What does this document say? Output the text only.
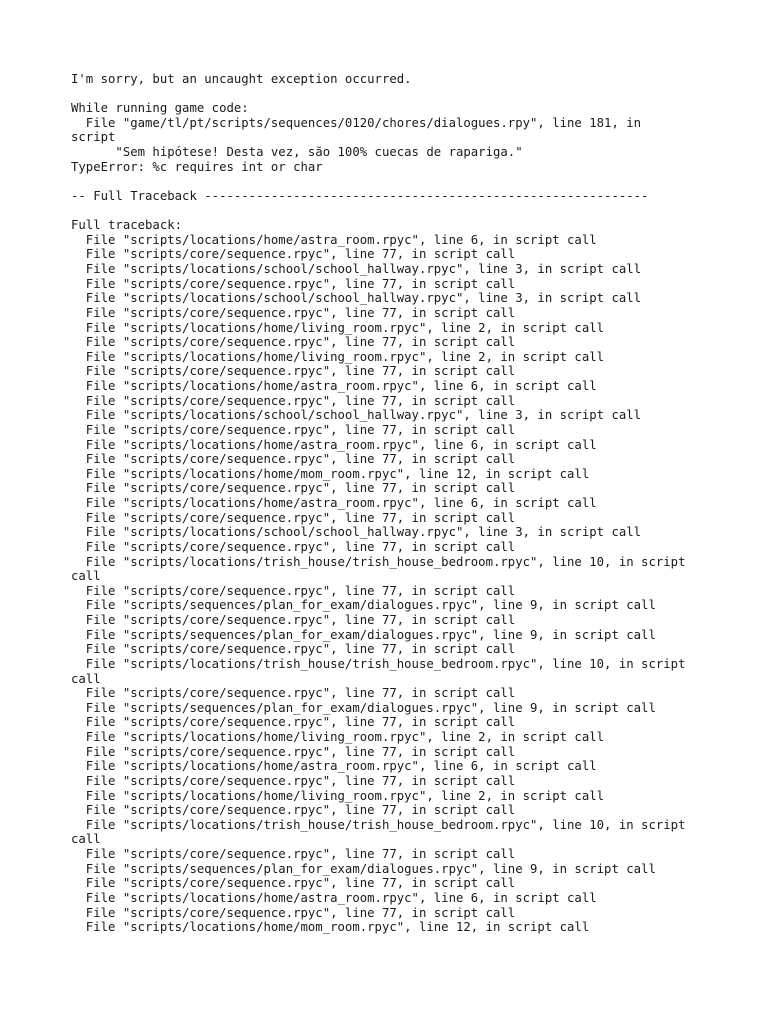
I'm sorry, but an uncaught exception occurred.
While running game code:
File "game/tl/pt/scripts/sequences/0120/chores/dialogues.rpy", line 181, in
script
"Sem hipótese! Desta vez, são 100% cuecas de rapariga."
TypeError: %c requires int or char
-- Full Traceback ------------------------------------------------------------
Full traceback:
File "scripts/locations/home/astra_room.rpyc", line 6, in script call
File "scripts/core/sequence.rpyc", line 77, in script call
File "scripts/locations/school/school_hallway.rpyc", line 3, in script call
File "scripts/core/sequence.rpyc", line 77, in script call
File "scripts/locations/school/school_hallway.rpyc", line 3, in script call
File "scripts/core/sequence.rpyc", line 77, in script call
File "scripts/locations/home/living_room.rpyc", line 2, in script call
File "scripts/core/sequence.rpyc", line 77, in script call
File "scripts/locations/home/living_room.rpyc", line 2, in script call
File "scripts/core/sequence.rpyc", line 77, in script call
File "scripts/locations/home/astra_room.rpyc", line 6, in script call
File "scripts/core/sequence.rpyc", line 77, in script call
File "scripts/locations/school/school_hallway.rpyc", line 3, in script call
File "scripts/core/sequence.rpyc", line 77, in script call
File "scripts/locations/home/astra_room.rpyc", line 6, in script call
File "scripts/core/sequence.rpyc", line 77, in script call
File "scripts/locations/home/mom_room.rpyc", line 12, in script call
File "scripts/core/sequence.rpyc", line 77, in script call
File "scripts/locations/home/astra_room.rpyc", line 6, in script call
File "scripts/core/sequence.rpyc", line 77, in script call
File "scripts/locations/school/school_hallway.rpyc", line 3, in script call
File "scripts/core/sequence.rpyc", line 77, in script call
File "scripts/locations/trish_house/trish_house_bedroom.rpyc", line 10, in script
call
File "scripts/core/sequence.rpyc", line 77, in script call
File "scripts/sequences/plan_for_exam/dialogues.rpyc", line 9, in script call
File "scripts/core/sequence.rpyc", line 77, in script call
File "scripts/sequences/plan_for_exam/dialogues.rpyc", line 9, in script call
File "scripts/core/sequence.rpyc", line 77, in script call
File "scripts/locations/trish_house/trish_house_bedroom.rpyc", line 10, in script
call
File "scripts/core/sequence.rpyc", line 77, in script call
File "scripts/sequences/plan_for_exam/dialogues.rpyc", line 9, in script call
File "scripts/core/sequence.rpyc", line 77, in script call
File "scripts/locations/home/living_room.rpyc", line 2, in script call
File "scripts/core/sequence.rpyc", line 77, in script call
File "scripts/locations/home/astra_room.rpyc", line 6, in script call
File "scripts/core/sequence.rpyc", line 77, in script call
File "scripts/locations/home/living_room.rpyc", line 2, in script call
File "scripts/core/sequence.rpyc", line 77, in script call
File "scripts/locations/trish_house/trish_house_bedroom.rpyc", line 10, in script
call
File "scripts/core/sequence.rpyc", line 77, in script call
File "scripts/sequences/plan_for_exam/dialogues.rpyc", line 9, in script call
File "scripts/core/sequence.rpyc", line 77, in script call
File "scripts/locations/home/astra_room.rpyc", line 6, in script call
File "scripts/core/sequence.rpyc", line 77, in script call
File "scripts/locations/home/mom_room.rpyc", line 12, in script call
